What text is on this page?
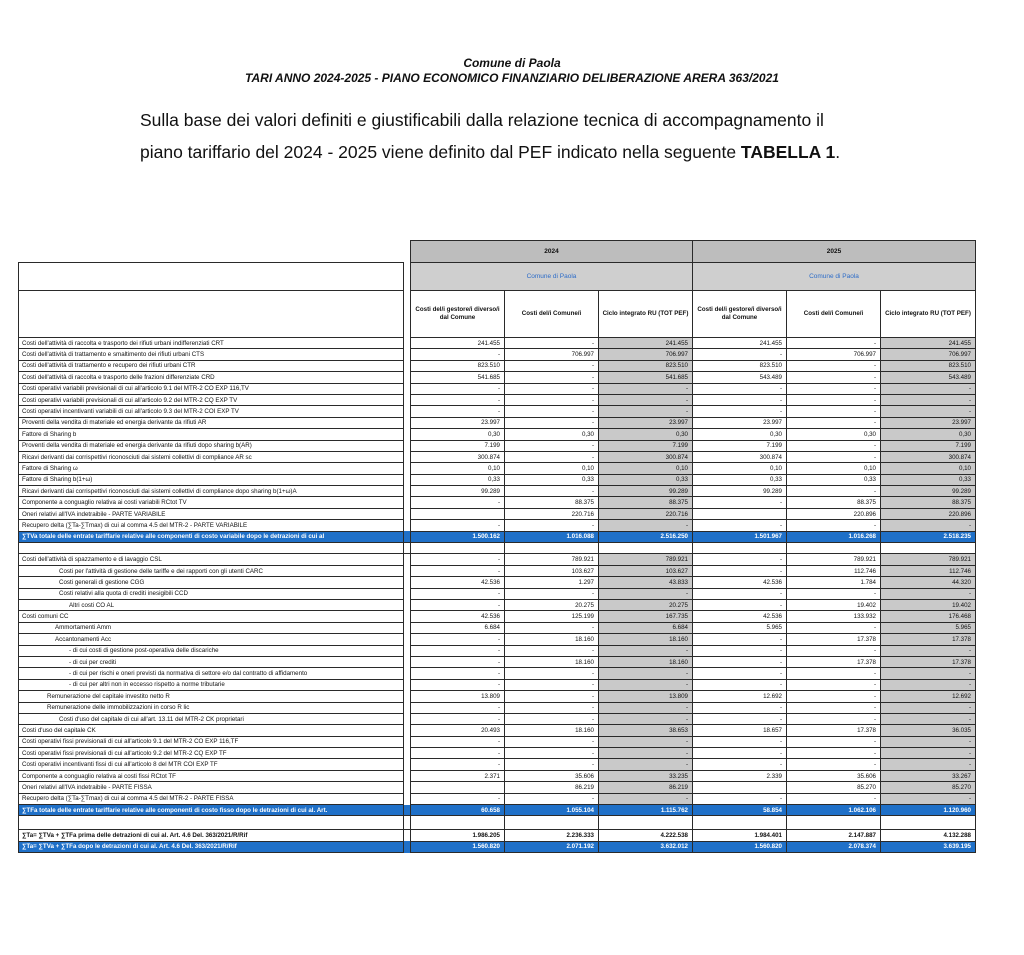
Comune di Paola
TARI ANNO 2024-2025 - PIANO ECONOMICO FINANZIARIO DELIBERAZIONE ARERA 363/2021
Sulla base dei valori definiti e giustificabili dalla relazione tecnica di accompagnamento il piano tariffario del 2024 - 2025 viene definito dal PEF indicato nella seguente TABELLA 1.
		2024			2025		
		Comune di Paola			Comune di Paola		
		Costi del/i gestore/i diverso/i dal Comune	Costi del/i Comune/i	Ciclo integrato RU (TOT PEF)	Costi del/i gestore/i diverso/i dal Comune	Costi del/i Comune/i	Ciclo integrato RU (TOT PEF)
Costi dell'attività di raccolta e trasporto dei rifiuti urbani indifferenziati CRT		241.455	-	241.455	241.455	-	241.455
Costi dell'attività di trattamento e smaltimento dei rifiuti urbani CTS		-	706.997	706.997	-	706.997	706.997
Costi dell'attività di trattamento e recupero dei rifiuti urbani CTR		823.510	-	823.510	823.510	-	823.510
Costi dell'attività di raccolta e trasporto delle frazioni differenziate CRD		541.685	-	541.685	543.489	-	543.489
Costi operativi variabili previsionali di cui all'articolo 9.1 del MTR-2 CO EXP 116,TV		-	-	-	-	-	-
Costi operativi variabili previsionali di cui all'articolo 9.2 del MTR-2 CQ EXP TV		-	-	-	-	-	-
Costi operativi incentivanti variabili di cui all'articolo 9.3 del MTR-2 COI EXP TV		-	-	-	-	-	-
Proventi della vendita di materiale ed energia derivante da rifiuti AR		23.997	-	23.997	23.997	-	23.997
Fattore di Sharing b		0,30	0,30	0,30	0,30	0,30	0,30
Proventi della vendita di materiale ed energia derivante da rifiuti dopo sharing b(AR)		7.199	-	7.199	7.199	-	7.199
Ricavi derivanti dai corrispettivi riconosciuti dai sistemi collettivi di compliance AR sc		300.874	-	300.874	300.874	-	300.874
Fattore di Sharing ω		0,10	0,10	0,10	0,10	0,10	0,10
Fattore di Sharing b(1+ω)		0,33	0,33	0,33	0,33	0,33	0,33
Ricavi derivanti dai corrispettivi riconosciuti dai sistemi collettivi di compliance dopo sharing b(1+ω)A		99.289	-	99.289	99.289	-	99.289
Componente a conguaglio relativa ai costi variabili RCtot TV		-	88.375	88.375	-	88.375	88.375
Oneri relativi all'IVA indetraibile - PARTE VARIABILE			220.716	220.716		220.896	220.896
Recupero delta (∑Ta-∑Tmax) di cui al comma 4.5 del MTR-2 - PARTE VARIABILE		-	-	-	-	-	-
∑TVa totale delle entrate tariffarie relative alle componenti di costo variabile dopo le detrazioni di cui al		1.500.162	1.016.088	2.516.250	1.501.967	1.016.268	2.518.235

Costi dell'attività di spazzamento e di lavaggio CSL		-	789.921	789.921	-	789.921	789.921
Costi per l'attività di gestione delle tariffe e dei rapporti con gli utenti CARC		-	103.627	103.627	-	112.746	112.746
Costi generali di gestione CGG		42.536	1.297	43.833	42.536	1.784	44.320
Costi relativi alla quota di crediti inesigibili CCD		-	-	-	-	-	-
Altri costi CO AL		-	20.275	20.275	-	19.402	19.402
Costi comuni CC		42.536	125.199	167.735	42.536	133.932	176.468
Ammortamenti Amm		6.684	-	6.684	5.965	-	5.965
Accantonamenti Acc		-	18.160	18.160	-	17.378	17.378
- di cui costi di gestione post-operativa delle discariche		-	-	-	-	-	-
- di cui per crediti		-	18.160	18.160	-	17.378	17.378
- di cui per rischi e oneri previsti da normativa di settore e/o dal contratto di affidamento		-	-	-	-	-	-
- di cui per altri non in eccesso rispetto a norme tributarie		-	-	-	-	-	-
Remunerazione del capitale investito netto R		13.809	-	13.809	12.692	-	12.692
Remunerazione delle immobilizzazioni in corso R lic		-	-	-	-	-	-
Costi d'uso del capitale di cui all'art. 13.11 del MTR-2 CK proprietari		-	-	-	-	-	-
Costi d'uso del capitale CK		20.493	18.160	38.653	18.657	17.378	36.035
Costi operativi fissi previsionali di cui all'articolo 9.1 del MTR-2 CO EXP 116,TF		-	-	-	-	-	-
Costi operativi fissi previsionali di cui all'articolo 9.2 del MTR-2 CQ EXP TF		-	-	-	-	-	-
Costi operativi incentivanti fissi di cui all'articolo 8 del MTR COI EXP TF		-	-	-	-	-	-
Componente a conguaglio relativa ai costi fissi RCtot TF		2.371	35.606	33.235	2.339	35.606	33.267
Oneri relativi all'IVA indetraibile - PARTE FISSA			86.219	86.219		85.270	85.270
Recupero delta (∑Ta-∑Tmax) di cui al comma 4.5 del MTR-2 - PARTE FISSA		-	-	-	-	-	-
∑TFa totale delle entrate tariffarie relative alle componenti di costo fisso dopo le detrazioni di cui al. Art.		60.658	1.055.104	1.115.762	58.854	1.062.106	1.120.960

∑Ta= ∑TVa + ∑TFa prima delle detrazioni di cui al. Art. 4.6 Del. 363/2021/R/Rif		1.986.205	2.236.333	4.222.538	1.984.401	2.147.887	4.132.288
∑Ta= ∑TVa + ∑TFa dopo le detrazioni di cui al. Art. 4.6 Del. 363/2021/R/Rif		1.560.820	2.071.192	3.632.012	1.560.820	2.078.374	3.639.195
